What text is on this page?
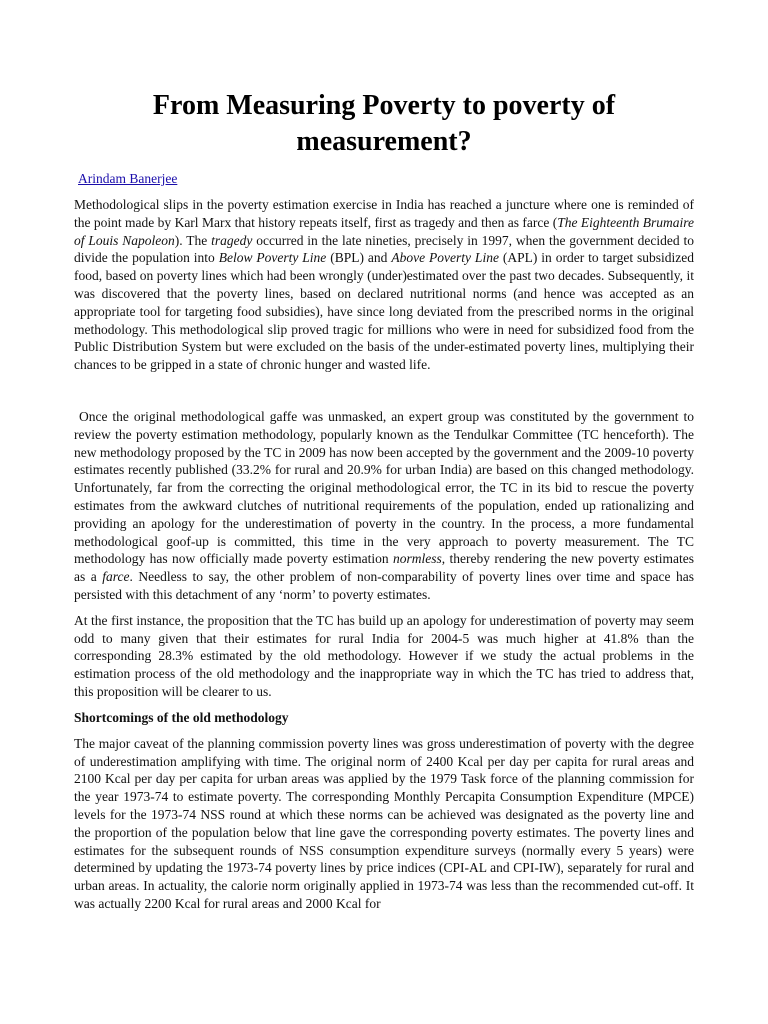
From Measuring Poverty to poverty of measurement?
Arindam Banerjee

Methodological slips in the poverty estimation exercise in India has reached a juncture where one is reminded of the point made by Karl Marx that history repeats itself, first as tragedy and then as farce (The Eighteenth Brumaire of Louis Napoleon). The tragedy occurred in the late nineties, precisely in 1997, when the government decided to divide the population into Below Poverty Line (BPL) and Above Poverty Line (APL) in order to target subsidized food, based on poverty lines which had been wrongly (under)estimated over the past two decades. Subsequently, it was discovered that the poverty lines, based on declared nutritional norms (and hence was accepted as an appropriate tool for targeting food subsidies), have since long deviated from the prescribed norms in the original methodology. This methodological slip proved tragic for millions who were in need for subsidized food from the Public Distribution System but were excluded on the basis of the under-estimated poverty lines, multiplying their chances to be gripped in a state of chronic hunger and wasted life.

Once the original methodological gaffe was unmasked, an expert group was constituted by the government to review the poverty estimation methodology, popularly known as the Tendulkar Committee (TC henceforth). The new methodology proposed by the TC in 2009 has now been accepted by the government and the 2009-10 poverty estimates recently published (33.2% for rural and 20.9% for urban India) are based on this changed methodology. Unfortunately, far from the correcting the original methodological error, the TC in its bid to rescue the poverty estimates from the awkward clutches of nutritional requirements of the population, ended up rationalizing and providing an apology for the underestimation of poverty in the country. In the process, a more fundamental methodological goof-up is committed, this time in the very approach to poverty measurement. The TC methodology has now officially made poverty estimation normless, thereby rendering the new poverty estimates as a farce. Needless to say, the other problem of non-comparability of poverty lines over time and space has persisted with this detachment of any ‘norm’ to poverty estimates.

At the first instance, the proposition that the TC has build up an apology for underestimation of poverty may seem odd to many given that their estimates for rural India for 2004-5 was much higher at 41.8% than the corresponding 28.3% estimated by the old methodology. However if we study the actual problems in the estimation process of the old methodology and the inappropriate way in which the TC has tried to address that, this proposition will be clearer to us.

Shortcomings of the old methodology

The major caveat of the planning commission poverty lines was gross underestimation of poverty with the degree of underestimation amplifying with time. The original norm of 2400 Kcal per day per capita for rural areas and 2100 Kcal per day per capita for urban areas was applied by the 1979 Task force of the planning commission for the year 1973-74 to estimate poverty. The corresponding Monthly Percapita Consumption Expenditure (MPCE) levels for the 1973-74 NSS round at which these norms can be achieved was designated as the poverty line and the proportion of the population below that line gave the corresponding poverty estimates. The poverty lines and estimates for the subsequent rounds of NSS consumption expenditure surveys (normally every 5 years) were determined by updating the 1973-74 poverty lines by price indices (CPI-AL and CPI-IW), separately for rural and urban areas. In actuality, the calorie norm originally applied in 1973-74 was less than the recommended cut-off. It was actually 2200 Kcal for rural areas and 2000 Kcal for
